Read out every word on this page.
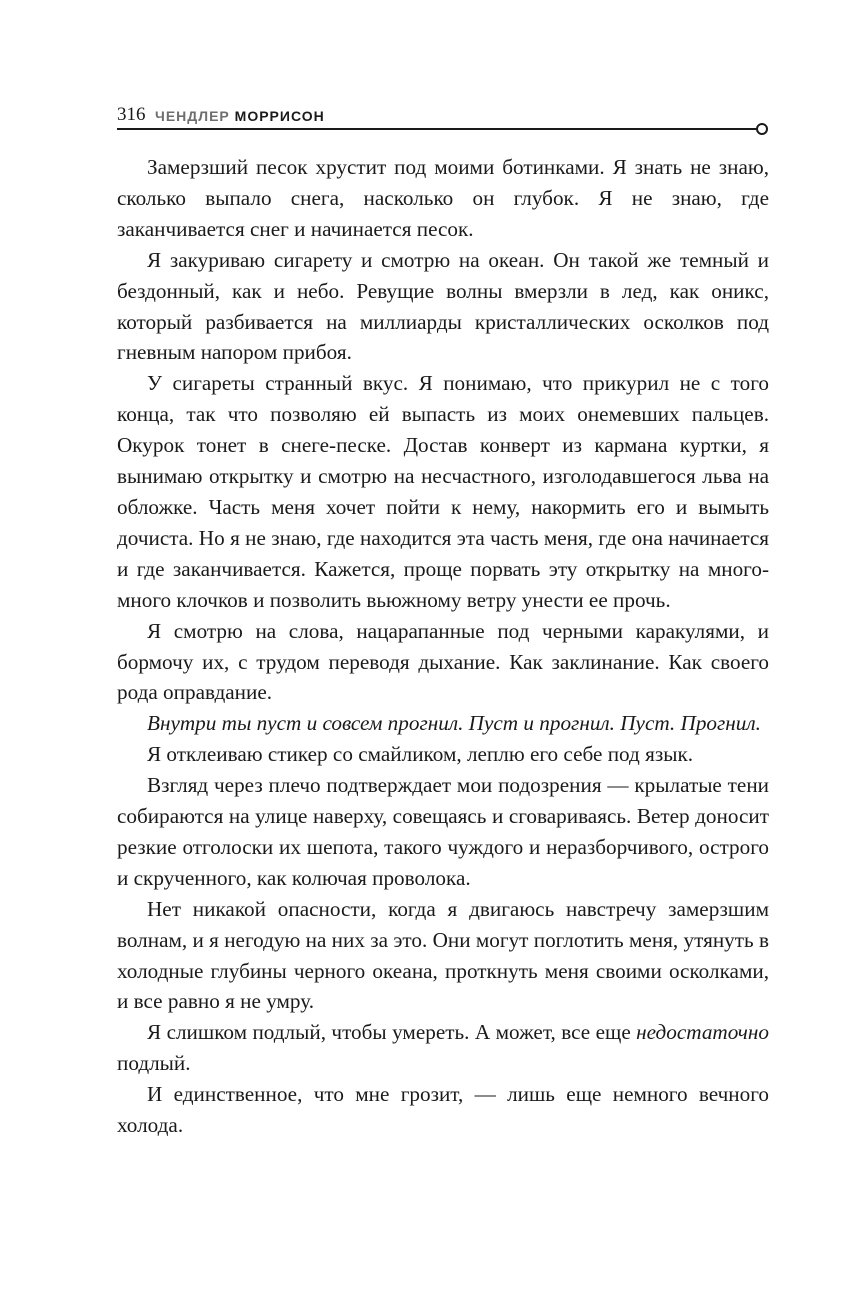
316 ЧЕНДЛЕР МОРРИСОН

Замерзший песок хрустит под моими ботинками. Я знать не знаю, сколько выпало снега, насколько он глубок. Я не знаю, где заканчивается снег и начинается песок.

Я закуриваю сигарету и смотрю на океан. Он такой же темный и бездонный, как и небо. Ревущие волны вмерзли в лед, как оникс, который разбивается на миллиарды кристаллических осколков под гневным напором прибоя.

У сигареты странный вкус. Я понимаю, что прикурил не с того конца, так что позволяю ей выпасть из моих онемевших пальцев. Окурок тонет в снеге-песке. Достав конверт из кармана куртки, я вынимаю открытку и смотрю на несчастного, изголодавшегося льва на обложке. Часть меня хочет пойти к нему, накормить его и вымыть дочиста. Но я не знаю, где находится эта часть меня, где она начинается и где заканчивается. Кажется, проще порвать эту открытку на много-много клочков и позволить вьюжному ветру унести ее прочь.

Я смотрю на слова, нацарапанные под черными каракулями, и бормочу их, с трудом переводя дыхание. Как заклинание. Как своего рода оправдание.

Внутри ты пуст и совсем прогнил. Пуст и прогнил. Пуст. Прогнил.

Я отклеиваю стикер со смайликом, леплю его себе под язык.

Взгляд через плечо подтверждает мои подозрения — крылатые тени собираются на улице наверху, совещаясь и сговариваясь. Ветер доносит резкие отголоски их шепота, такого чуждого и неразборчивого, острого и скрученного, как колючая проволока.

Нет никакой опасности, когда я двигаюсь навстречу замерзшим волнам, и я негодую на них за это. Они могут поглотить меня, утянуть в холодные глубины черного океана, проткнуть меня своими осколками, и все равно я не умру.

Я слишком подлый, чтобы умереть. А может, все еще недостаточно подлый.

И единственное, что мне грозит, — лишь еще немного вечного холода.
